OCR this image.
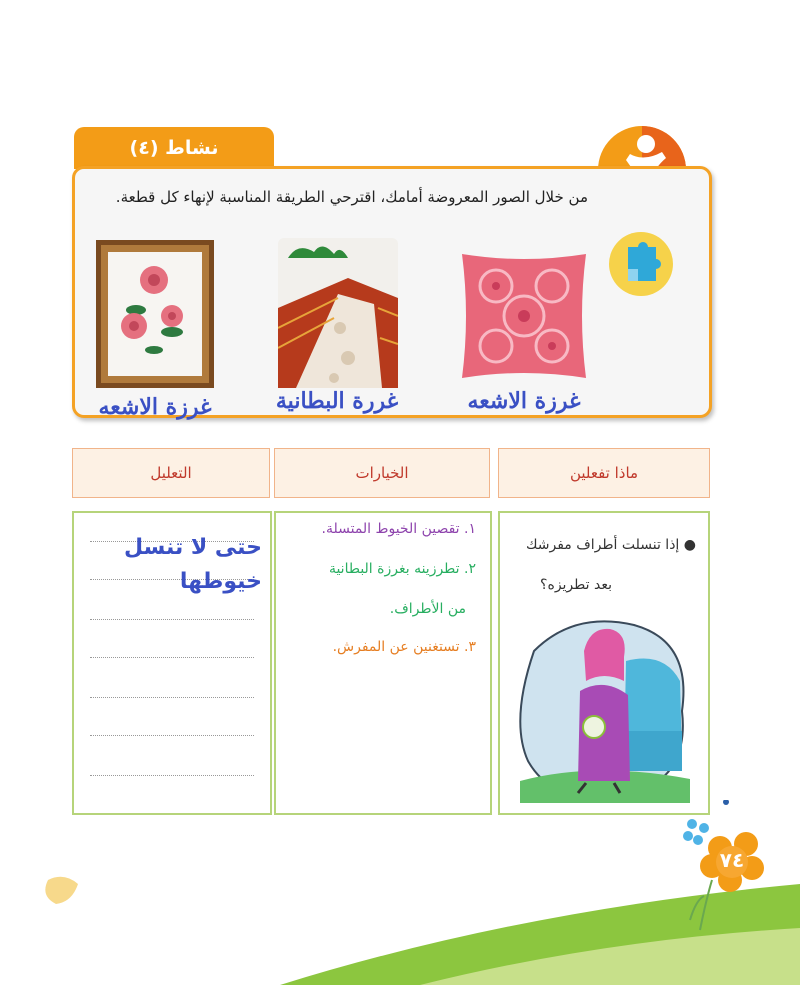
نشاط (٤)
من خلال الصور المعروضة أمامك، اقترحي الطريقة المناسبة لإنهاء كل قطعة.
غرزة الاشعه
غررة البطانية
غرزة الاشعه
ماذا تفعلين
الخيارات
التعليل
● إذا تنسلت أطراف مفرشك
بعد تطريزه؟
١. تقصين الخيوط المتسلة.
٢. تطرزينه بغرزة البطانية
من الأطراف.
٣. تستغنين عن المفرش.
حتى لا تنسل
خيوطها
٧٤
